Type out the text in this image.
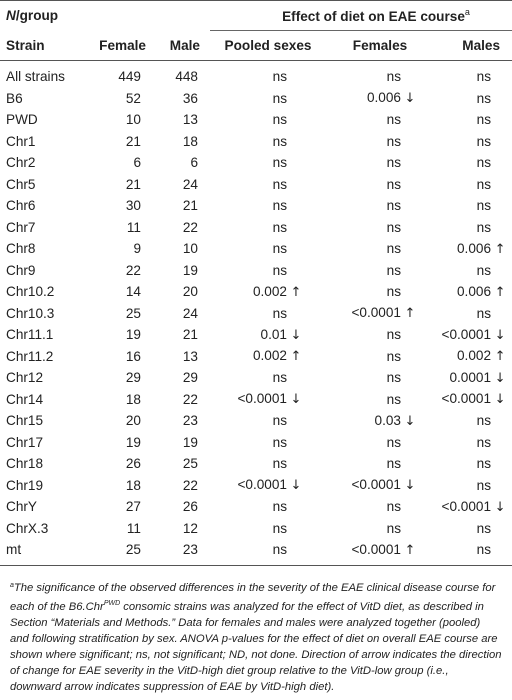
N/group			Effect of diet on EAE course$^a$
Strain	Female	Male	Pooled sexes	Females	Males
All strains	449	448	ns	ns	ns
B6	52	36	ns	0.006 ↓	ns
PWD	10	13	ns	ns	ns
Chr1	21	18	ns	ns	ns
Chr2	6	6	ns	ns	ns
Chr5	21	24	ns	ns	ns
Chr6	30	21	ns	ns	ns
Chr7	11	22	ns	ns	ns
Chr8	9	10	ns	ns	0.006 ↑
Chr9	22	19	ns	ns	ns
Chr10.2	14	20	0.002 ↑	ns	0.006 ↑
Chr10.3	25	24	ns	<0.0001 ↑	ns
Chr11.1	19	21	0.01 ↓	ns	<0.0001 ↓
Chr11.2	16	13	0.002 ↑	ns	0.002 ↑
Chr12	29	29	ns	ns	0.0001 ↓
Chr14	18	22	<0.0001 ↓	ns	<0.0001 ↓
Chr15	20	23	ns	0.03 ↓	ns
Chr17	19	19	ns	ns	ns
Chr18	26	25	ns	ns	ns
Chr19	18	22	<0.0001 ↓	<0.0001 ↓	ns
ChrY	27	26	ns	ns	<0.0001 ↓
ChrX.3	11	12	ns	ns	ns
mt	25	23	ns	<0.0001 ↑	ns
$^a$The significance of the observed differences in the severity of the EAE clinical disease course for each of the B6.Chr$^{PWD}$ consomic strains was analyzed for the effect of VitD diet, as described in Section “Materials and Methods.” Data for females and males were analyzed together (pooled) and following stratification by sex. ANOVA p-values for the effect of diet on overall EAE course are shown where significant; ns, not significant; ND, not done. Direction of arrow indicates the direction of change for EAE severity in the VitD-high diet group relative to the VitD-low group (i.e., downward arrow indicates suppression of EAE by VitD-high diet).
